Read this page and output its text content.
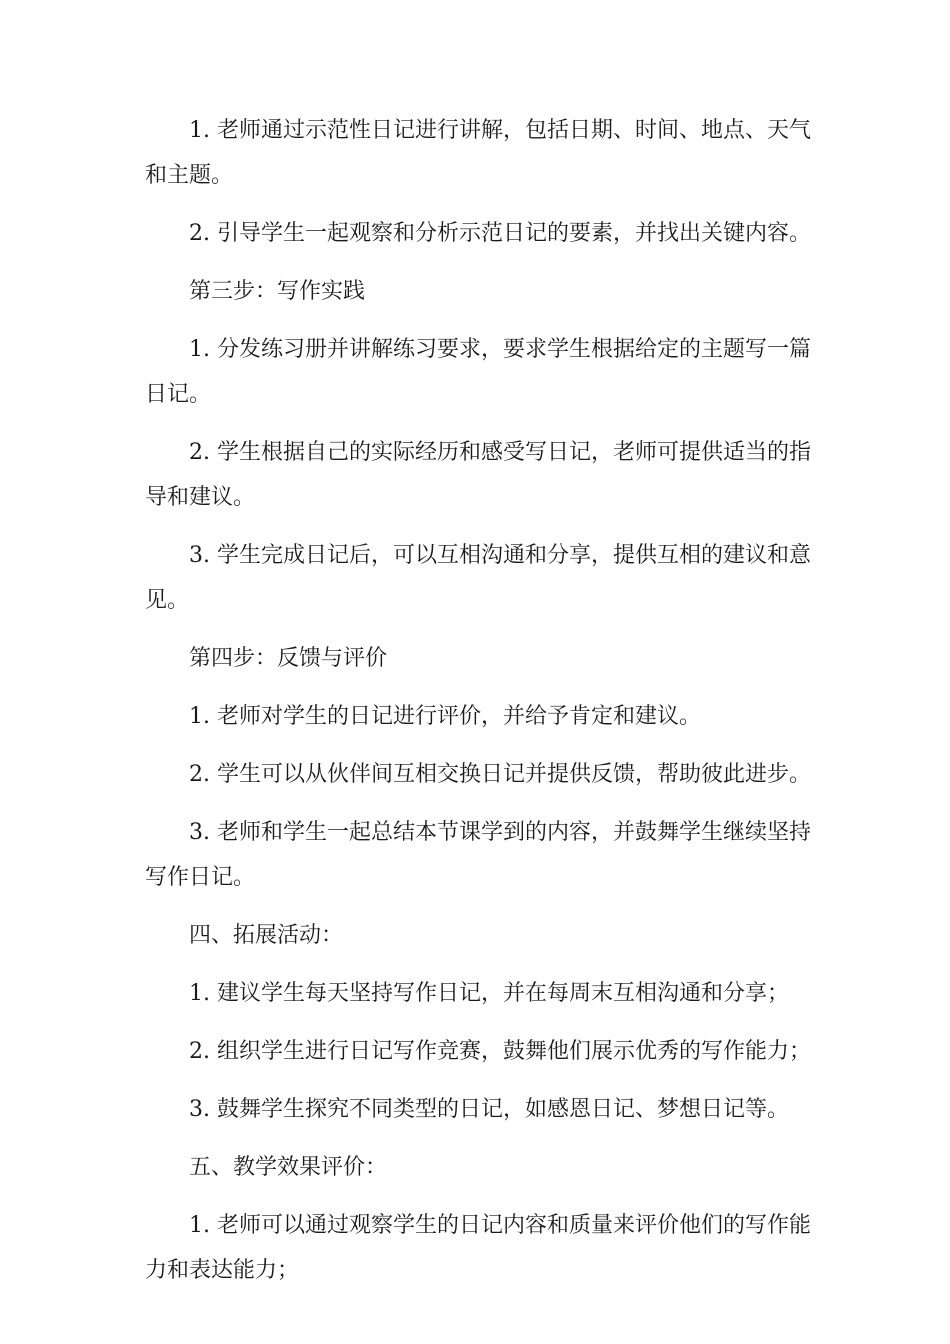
1. 老师通过示范性日记进行讲解，包括日期、时间、地点、天气和主题。

2. 引导学生一起观察和分析示范日记的要素，并找出关键内容。

第三步：写作实践

1. 分发练习册并讲解练习要求，要求学生根据给定的主题写一篇日记。

2. 学生根据自己的实际经历和感受写日记，老师可提供适当的指导和建议。

3. 学生完成日记后，可以互相沟通和分享，提供互相的建议和意见。

第四步：反馈与评价

1. 老师对学生的日记进行评价，并给予肯定和建议。

2. 学生可以从伙伴间互相交换日记并提供反馈，帮助彼此进步。

3. 老师和学生一起总结本节课学到的内容，并鼓舞学生继续坚持写作日记。

四、拓展活动：

1. 建议学生每天坚持写作日记，并在每周末互相沟通和分享；

2. 组织学生进行日记写作竞赛，鼓舞他们展示优秀的写作能力；

3. 鼓舞学生探究不同类型的日记，如感恩日记、梦想日记等。

五、教学效果评价：

1. 老师可以通过观察学生的日记内容和质量来评价他们的写作能力和表达能力；
